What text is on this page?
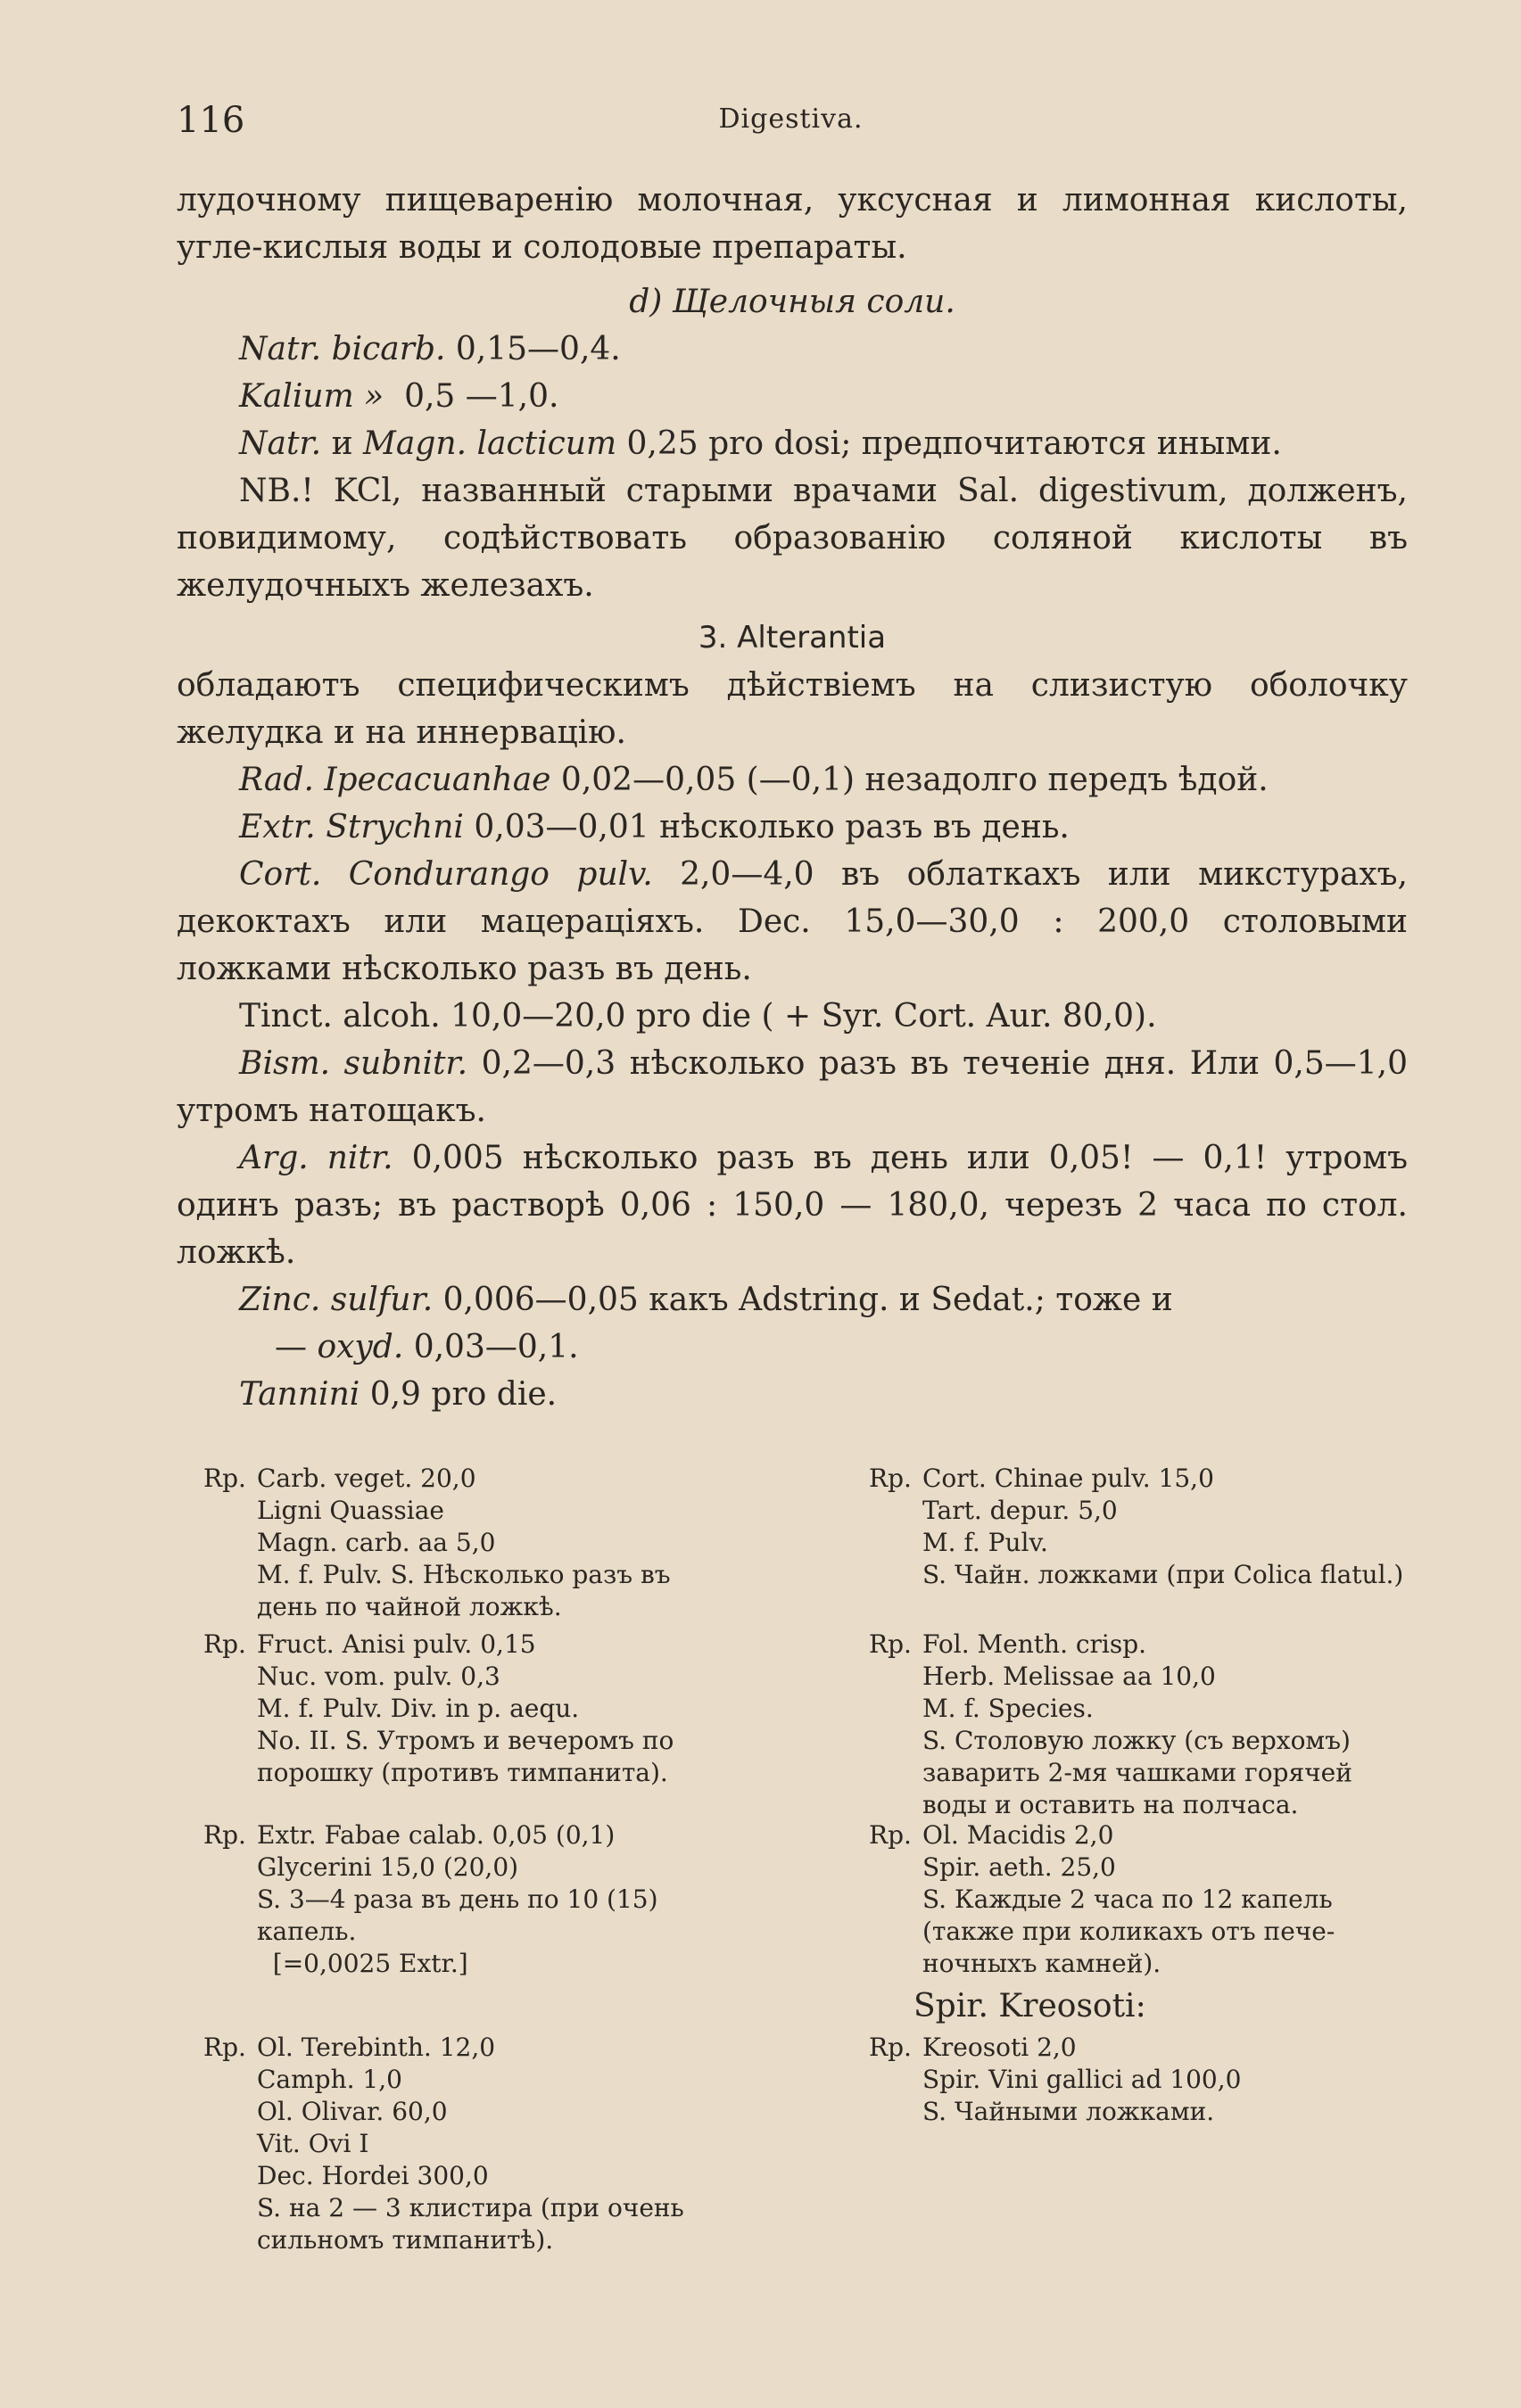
116	Digestiva.

лудочному пищеваренію молочная, уксусная и лимонная кислоты, угле-кислыя воды и солодовые препараты.

d) Щелочныя соли.

Natr. bicarb. 0,15—0,4.

Kalium »  0,5 —1,0.

Natr. и Magn. lacticum 0,25 pro dosi; предпочитаются иными.

NB.! KCl, названный старыми врачами Sal. digestivum, долженъ, повидимому, содѣйствовать образованію соляной кислоты въ желудочныхъ железахъ.

3. Alterantia

обладаютъ специфическимъ дѣйствіемъ на слизистую оболочку желудка и на иннервацію.

Rad. Ipecacuanhae 0,02—0,05 (—0,1) незадолго передъ ѣдой.

Extr. Strychni 0,03—0,01 нѣсколько разъ въ день.

Cort. Condurango pulv. 2,0—4,0 въ облаткахъ или микстурахъ, декоктахъ или мацераціяхъ. Dec. 15,0—30,0 : 200,0 столовыми ложками нѣсколько разъ въ день.

Tinct. alcoh. 10,0—20,0 pro die ( + Syr. Cort. Aur. 80,0).

Bism. subnitr. 0,2—0,3 нѣсколько разъ въ теченіе дня. Или 0,5—1,0 утромъ натощакъ.

Arg. nitr. 0,005 нѣсколько разъ въ день или 0,05! — 0,1! утромъ одинъ разъ; въ растворѣ 0,06 : 150,0 — 180,0, черезъ 2 часа по стол. ложкѣ.

Zinc. sulfur. 0,006—0,05 какъ Adstring. и Sedat.; тоже и

— oxyd. 0,03—0,1.

Tannini 0,9 pro die.

Rp. Carb. veget. 20,0
Ligni Quassiae
Magn. carb. aa 5,0
M. f. Pulv. S. Нѣсколько разъ въ
день по чайной ложкѣ.
Rp. Cort. Chinae pulv. 15,0
Tart. depur. 5,0
M. f. Pulv.
S. Чайн. ложками (при Colica flatul.)
Rp. Fruct. Anisi pulv. 0,15
Nuc. vom. pulv. 0,3
M. f. Pulv. Div. in p. aequ.
No. II. S. Утромъ и вечеромъ по
порошку (противъ тимпанита).
Rp. Fol. Menth. crisp.
Herb. Melissae aa 10,0
M. f. Species.
S. Столовую ложку (съ верхомъ)
заварить 2-мя чашками горячей
воды и оставить на полчаса.
Rp. Extr. Fabae calab. 0,05 (0,1)
Glycerini 15,0 (20,0)
S. 3—4 раза въ день по 10 (15)
капель.
[=0,0025 Extr.]
Rp. Ol. Macidis 2,0
Spir. aeth. 25,0
S. Каждые 2 часа по 12 капель
(также при коликахъ отъ пече-
ночныхъ камней).
Spir. Kreosoti:
Rp. Ol. Terebinth. 12,0
Camph. 1,0
Ol. Olivar. 60,0
Vit. Ovi I
Dec. Hordei 300,0
S. на 2 — 3 клистира (при очень
сильномъ тимпанитѣ).
Rp. Kreosoti 2,0
Spir. Vini gallici ad 100,0
S. Чайными ложками.
